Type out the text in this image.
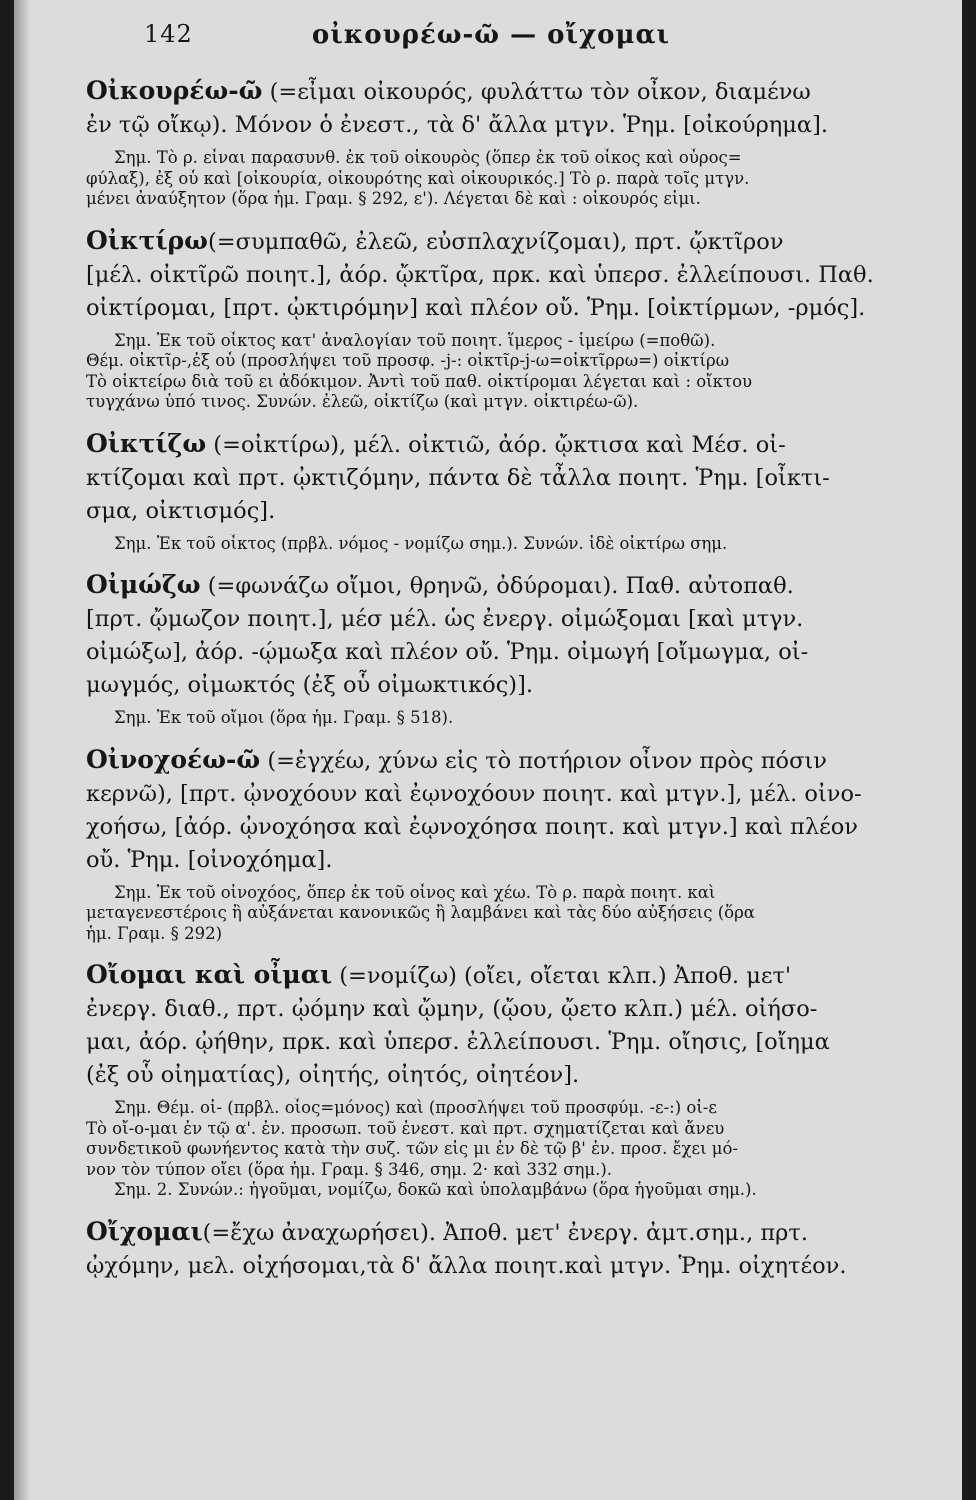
142	οἰκουρέω-ῶ — οἴχομαι
Οἰκουρέω-ῶ (=εἶμαι οἰκουρός, φυλάττω τὸν οἶκον, διαμένω
ἐν τῷ οἴκῳ). Μόνον ὁ ἐνεστ., τὰ δ' ἄλλα μτγν. Ῥημ. [οἰκούρημα].
Σημ. Τὸ ρ. εἶναι παρασυνθ. ἐκ τοῦ οἰκουρὸς (ὅπερ ἐκ τοῦ οἶκος καὶ οὖρος=
φύλαξ), ἐξ οὗ καὶ [οἰκουρία, οἰκουρότης καὶ οἰκουρικός.] Τὸ ρ. παρὰ τοῖς μτγν.
μένει ἀναύξητον (ὅρα ἡμ. Γραμ. § 292, ε'). Λέγεται δὲ καὶ : οἰκουρός εἰμι.
Οἰκτίρω(=συμπαθῶ, ἐλεῶ, εὐσπλαχνίζομαι), πρτ. ᾤκτῖρον
[μέλ. οἰκτῖρῶ ποιητ.], ἀόρ. ᾤκτῖρα, πρκ. καὶ ὑπερσ. ἐλλείπουσι. Παθ.
οἰκτίρομαι, [πρτ. ᾠκτιρόμην] καὶ πλέον οὔ. Ῥημ. [οἰκτίρμων, -ρμός].
Σημ. Ἐκ τοῦ οἶκτος κατ' ἀναλογίαν τοῦ ποιητ. ἵμερος - ἱμείρω (=ποθῶ).
Θέμ. οἰκτῖρ-,ἐξ οὗ (προσλήψει τοῦ προσφ. -j-: οἰκτῖρ-j-ω=οἰκτῖρρω=) οἰκτίρω
Τὸ οἰκτείρω διὰ τοῦ ει ἀδόκιμον. Ἀντὶ τοῦ παθ. οἰκτίρομαι λέγεται καὶ : οἴκτου
τυγχάνω ὑπό τινος. Συνών. ἐλεῶ, οἰκτίζω (καὶ μτγν. οἰκτιρέω-ῶ).
Οἰκτίζω (=οἰκτίρω), μέλ. οἰκτιῶ, ἀόρ. ᾤκτισα καὶ Μέσ. οἰ-
κτίζομαι καὶ πρτ. ᾠκτιζόμην, πάντα δὲ τἆλλα ποιητ. Ῥημ. [οἶκτι-
σμα, οἰκτισμός].
Σημ. Ἐκ τοῦ οἶκτος (πρβλ. νόμος - νομίζω σημ.). Συνών. ἰδὲ οἰκτίρω σημ.
Οἰμώζω (=φωνάζω οἴμοι, θρηνῶ, ὀδύρομαι). Παθ. αὐτοπαθ.
[πρτ. ᾤμωζον ποιητ.], μέσ μέλ. ὡς ἐνεργ. οἰμώξομαι [καὶ μτγν.
οἰμώξω], ἀόρ. -ῴμωξα καὶ πλέον οὔ. Ῥημ. οἰμωγή [οἴμωγμα, οἰ-
μωγμός, οἰμωκτός (ἐξ οὗ οἰμωκτικός)].
Σημ. Ἐκ τοῦ οἴμοι (ὅρα ἡμ. Γραμ. § 518).
Οἰνοχοέω-ῶ (=ἐγχέω, χύνω εἰς τὸ ποτήριον οἶνον πρὸς πόσιν
κερνῶ), [πρτ. ᾠνοχόουν καὶ ἐῳνοχόουν ποιητ. καὶ μτγν.], μέλ. οἰνο-
χοήσω, [ἀόρ. ᾠνοχόησα καὶ ἐῳνοχόησα ποιητ. καὶ μτγν.] καὶ πλέον
οὔ. Ῥημ. [οἰνοχόημα].
Σημ. Ἐκ τοῦ οἰνοχόος, ὅπερ ἐκ τοῦ οἶνος καὶ χέω. Τὸ ρ. παρὰ ποιητ. καὶ
μεταγενεστέροις ἢ αὐξάνεται κανονικῶς ἢ λαμβάνει καὶ τὰς δύο αὐξήσεις (ὅρα
ἡμ. Γραμ. § 292)
Οἴομαι καὶ οἶμαι (=νομίζω) (οἴει, οἴεται κλπ.) Ἀποθ. μετ'
ἐνεργ. διαθ., πρτ. ᾠόμην καὶ ᾤμην, (ᾤου, ᾤετο κλπ.) μέλ. οἰήσο-
μαι, ἀόρ. ᾠήθην, πρκ. καὶ ὑπερσ. ἐλλείπουσι. Ῥημ. οἴησις, [οἴημα
(ἐξ οὗ οἰηματίας), οἰητής, οἰητός, οἰητέον].
Σημ. Θέμ. οἰ- (πρβλ. οἶος=μόνος) καὶ (προσλήψει τοῦ προσφύμ. -ε-:) οἰ-ε
Τὸ οἴ-ο-μαι ἐν τῷ α'. ἐν. προσωπ. τοῦ ἐνεστ. καὶ πρτ. σχηματίζεται καὶ ἄνευ
συνδετικοῦ φωνήεντος κατὰ τὴν συζ. τῶν εἰς μι ἐν δὲ τῷ β' ἐν. προσ. ἔχει μό-
νον τὸν τύπον οἴει (ὅρα ἡμ. Γραμ. § 346, σημ. 2· καὶ 332 σημ.).
Σημ. 2. Συνών.: ἡγοῦμαι, νομίζω, δοκῶ καὶ ὑπολαμβάνω (ὅρα ἡγοῦμαι σημ.).
Οἴχομαι(=ἔχω ἀναχωρήσει). Ἀποθ. μετ' ἐνεργ. ἀμτ.σημ., πρτ.
ᾠχόμην, μελ. οἰχήσομαι,τὰ δ' ἄλλα ποιητ.καὶ μτγν. Ῥημ. οἰχητέον.
